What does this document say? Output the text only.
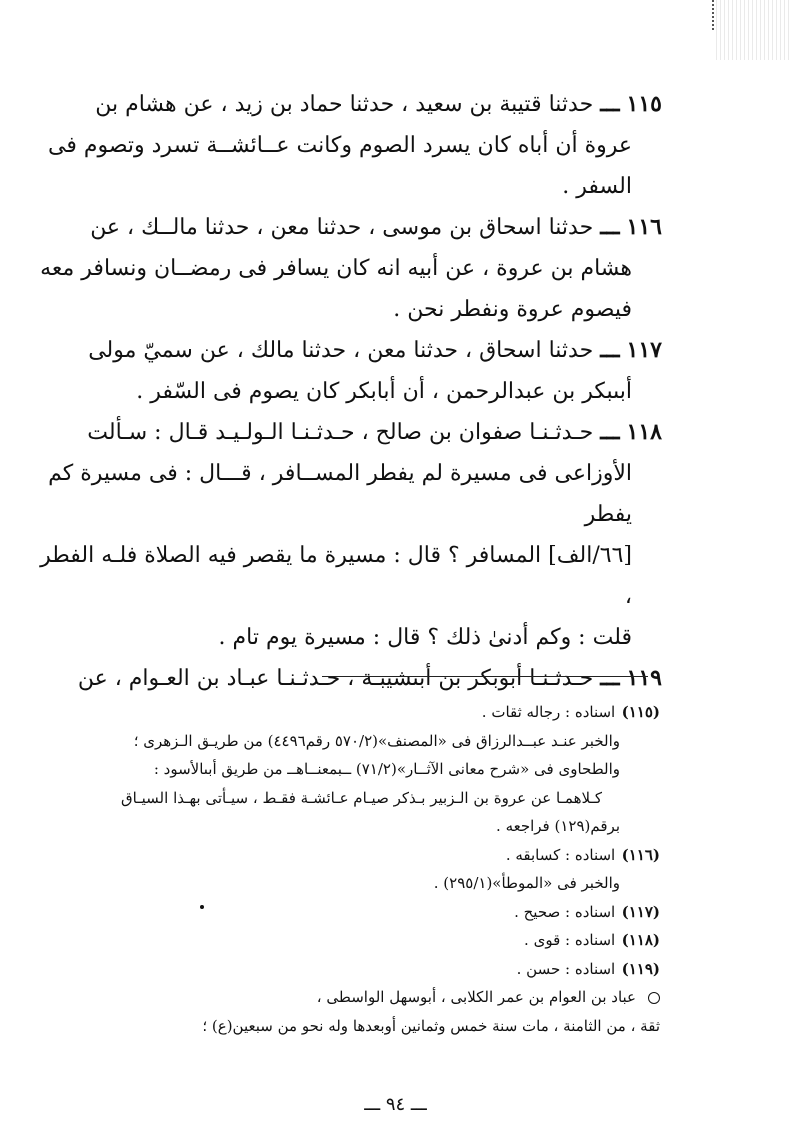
١١٥ ـــ حدثنا قتيبة بن سعيد ، حدثنا حماد بن زيد ، عن هشام بن
عروة أن أباه كان يسرد الصوم وكانت عــائشــة تسرد وتصوم فى
السفر .
١١٦ ـــ حدثنا اسحاق بن موسى ، حدثنا معن ، حدثنا مالــك ، عن
هشام بن عروة ، عن أبيه انه كان يسافر فى رمضــان ونسافر معه
فيصوم عروة ونفطر نحن .
١١٧ ـــ حدثنا اسحاق ، حدثنا معن ، حدثنا مالك ، عن سميّ مولى
أبىبكر بن عبدالرحمن ، أن أبابكر كان يصوم فى السّفر .
١١٨ ـــ حـدثـنـا صفوان بن صالح ، حـدثـنـا الـولـيـد قـال : سـألت
الأوزاعى فى مسيرة لم يفطر المســافر ، قـــال : فى مسيرة كم يفطر
[٦٦/الف] المسافر ؟ قال : مسيرة ما يقصر فيه الصلاة فلـه الفطر ،
قلت : وكم أدنىٰ ذلك ؟ قال : مسيرة يوم تام .
١١٩ ـــ حـدثـنـا أبوبكر بن أبىشيبـة ، حـدثـنـا عبـاد بن العـوام ، عن
(١١٥) اسناده : رجاله ثقات .
والخبر عنـد عبــدالرزاق فى «المصنف»(٥٧٠/٢ رقم٤٤٩٦) من طريـق الـزهرى ؛
والطحاوى فى «شرح معانى الآثــار»(٧١/٢) ــبمعنــاهــ من طريق أبىالأسود :
كـلاهمـا عن عروة بن الـزبير بـذكر صيـام عـائشـة فقـط ، سيـأتى بهـذا السيـاق
برقم(١٢٩) فراجعه .
(١١٦) اسناده : كسابقه .
والخبر فى «الموطأ»(٢٩٥/١) .
(١١٧) اسناده : صحيح .
(١١٨) اسناده : قوى .
(١١٩) اسناده : حسن .
عباد بن العوام بن عمر الكلابى ، أبوسهل الواسطى ،
ثقة ، من الثامنة ، مات سنة خمس وثمانين أوبعدها وله نحو من سبعين(ع) ؛
ـــ ٩٤ ـــ
